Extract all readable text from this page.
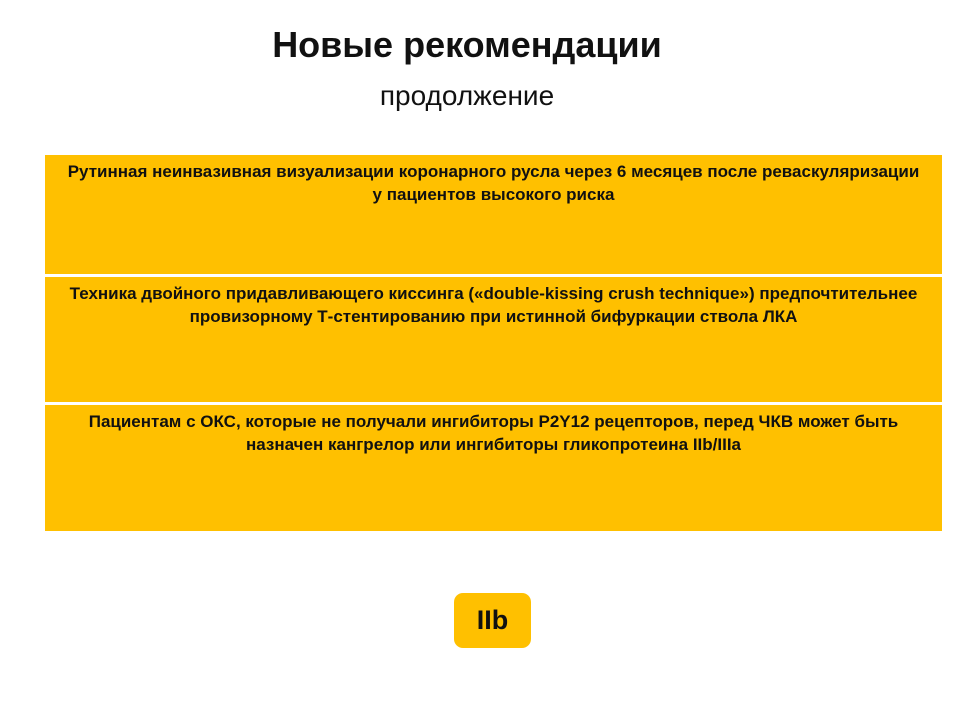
Новые рекомендации

продолжение

Рутинная неинвазивная визуализации коронарного русла через 6 месяцев после реваскуляризации у пациентов высокого риска
Техника двойного придавливающего киссинга («double-kissing crush technique») предпочтительнее провизорному Т-стентированию при истинной бифуркации ствола ЛКА
Пациентам с ОКС, которые не получали ингибиторы P2Y12 рецепторов, перед ЧКВ может быть назначен кангрелор или ингибиторы гликопротеина IIb/IIIa
IIb
